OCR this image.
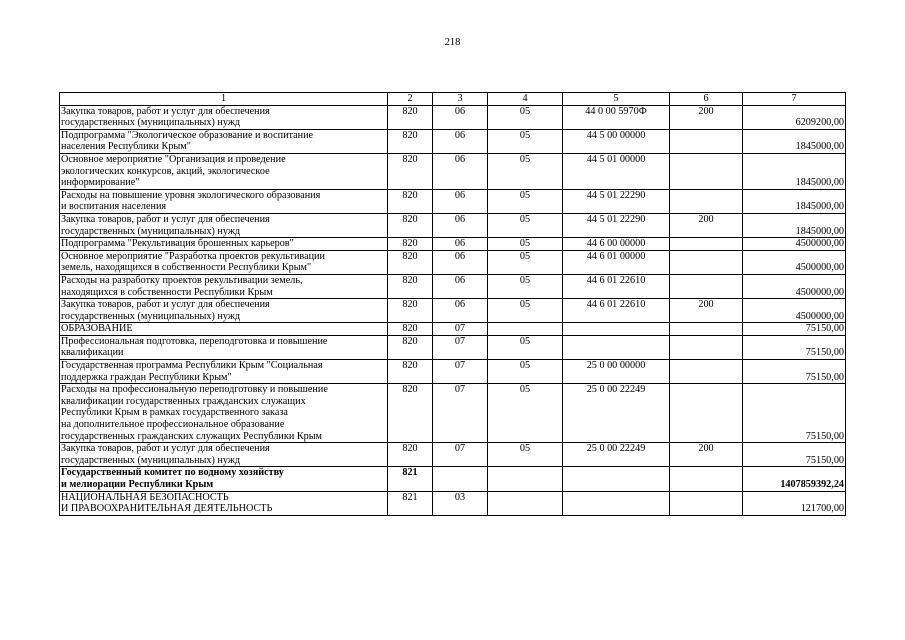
218
1	2	3	4	5	6	7

Закупка товаров, работ и услуг для обеспечения
государственных (муниципальных) нужд	820	06	05	44 0 00 5970Ф	200	6209200,00

Подпрограмма "Экологическое образование и воспитание
населения Республики Крым"	820	06	05	44 5 00 00000		1845000,00

Основное мероприятие "Организация и проведение
экологических конкурсов, акций, экологическое
информирование"	820	06	05	44 5 01 00000		1845000,00

Расходы на повышение уровня экологического образования
и воспитания населения	820	06	05	44 5 01 22290		1845000,00

Закупка товаров, работ и услуг для обеспечения
государственных (муниципальных) нужд	820	06	05	44 5 01 22290	200	1845000,00

Подпрограмма "Рекультивация брошенных карьеров"	820	06	05	44 6 00 00000		4500000,00

Основное мероприятие "Разработка проектов рекультивации
земель, находящихся в собственности Республики Крым"	820	06	05	44 6 01 00000		4500000,00

Расходы на разработку проектов рекультивации земель,
находящихся в собственности Республики Крым	820	06	05	44 6 01 22610		4500000,00

Закупка товаров, работ и услуг для обеспечения
государственных (муниципальных) нужд	820	06	05	44 6 01 22610	200	4500000,00

ОБРАЗОВАНИЕ	820	07				75150,00

Профессиональная подготовка, переподготовка и повышение
квалификации	820	07	05			75150,00

Государственная программа Республики Крым "Социальная
поддержка граждан Республики Крым"	820	07	05	25 0 00 00000		75150,00

Расходы на профессиональную переподготовку и повышение
квалификации государственных гражданских служащих
Республики Крым в рамках государственного заказа
на дополнительное профессиональное образование
государственных гражданских служащих Республики Крым	820	07	05	25 0 00 22249		75150,00

Закупка товаров, работ и услуг для обеспечения
государственных (муниципальных) нужд	820	07	05	25 0 00 22249	200	75150,00

Государственный комитет по водному хозяйству
и мелиорации Республики Крым	821					1407859392,24

НАЦИОНАЛЬНАЯ БЕЗОПАСНОСТЬ
И ПРАВООХРАНИТЕЛЬНАЯ ДЕЯТЕЛЬНОСТЬ	821	03				121700,00
